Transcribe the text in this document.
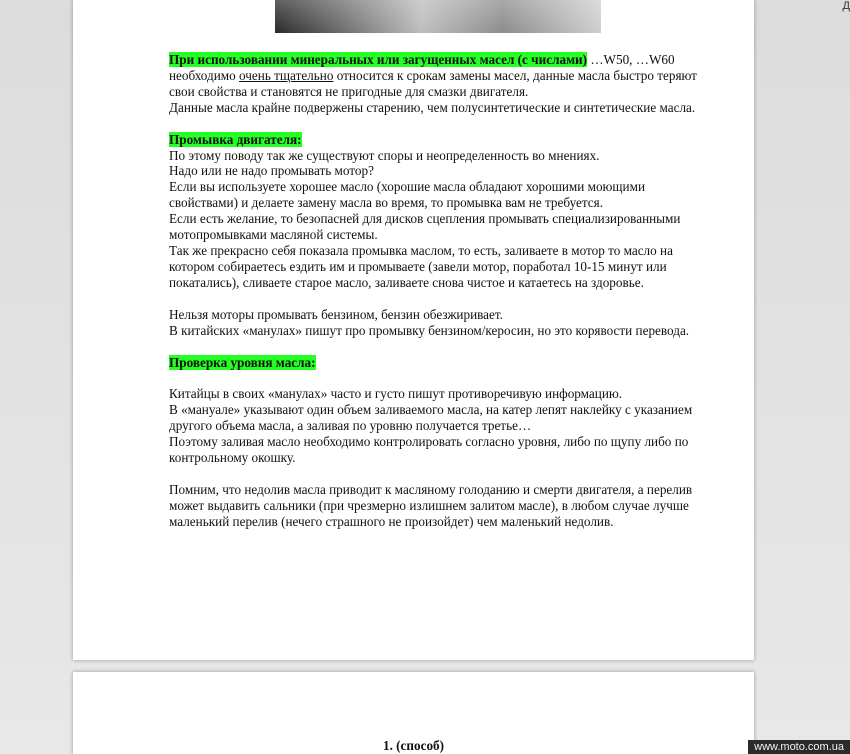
Д

При использовании минеральных или загущенных масел (с числами) …W50, …W60 необходимо очень тщательно относится к срокам замены масел, данные масла быстро теряют свои свойства и становятся не пригодные для смазки двигателя.

Данные масла крайне подвержены старению, чем полусинтетические и синтетические масла.

Промывка двигателя:

По этому поводу так же существуют споры и неопределенность во мнениях.

Надо или не надо промывать мотор?

Если вы используете хорошее масло (хорошие масла обладают хорошими моющими свойствами) и делаете замену масла во время, то промывка вам не требуется.

Если есть желание, то безопасней для дисков сцепления промывать специализированными мотопромывками масляной системы.

Так же прекрасно себя показала промывка маслом, то есть, заливаете в мотор то масло на котором собираетесь ездить им и промываете (завели мотор, поработал 10-15 минут или покатались), сливаете старое масло, заливаете снова чистое и катаетесь на здоровье.

Нельзя моторы промывать бензином, бензин обезжиривает.

В китайских «манулах» пишут про промывку бензином/керосин, но это корявости перевода.

Проверка уровня масла:

Китайцы в своих «манулах» часто и густо пишут противоречивую информацию.

В «мануале» указывают один объем заливаемого масла, на катер лепят наклейку с указанием другого объема масла, а заливая по уровню получается третье…

Поэтому заливая масло необходимо контролировать согласно уровня, либо по щупу либо по контрольному окошку.

Помним, что недолив масла приводит к масляному голоданию и смерти двигателя, а перелив может выдавить сальники (при чрезмерно излишнем залитом масле), в любом случае лучше маленький перелив (нечего страшного не произойдет) чем маленький недолив.

1. (способ)	www.moto.com.ua
